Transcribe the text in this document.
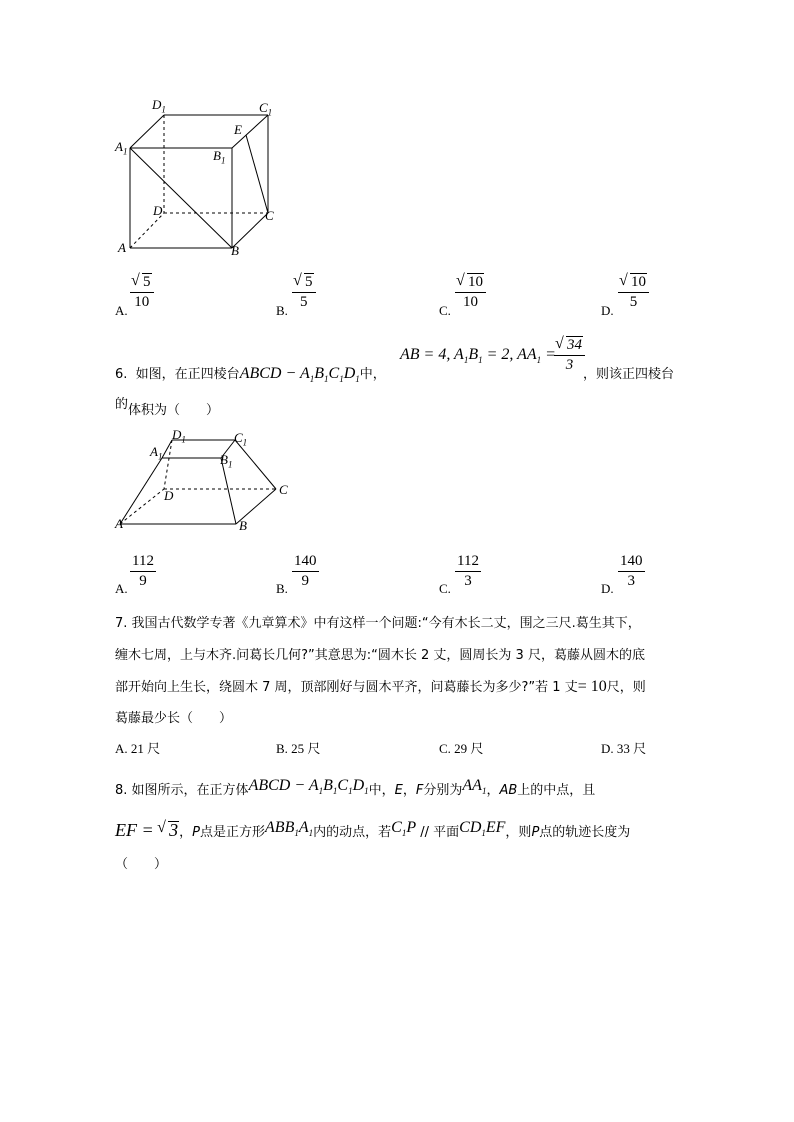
$D_1$	$C_1$
E
$A_1$	$B_1$
D	C
A	B
A. √ $\frac{5}{10}$	B. √ $\frac{5}{5}$	C. √ $\frac{10}{10}$	D. √ $\frac{10}{5}$
6. 如图，在正四棱台ABCD − $A_1B_1C_1D_1$中，
AB = 4, $A_1B_1 = 2$, $AA_1$ =
√ $\frac{34}{3}$
，则该正四棱台
的体积为（　　）
$D_1$	$C_1$
$A_1$	$B_1$
D	C
A	B
A. $\frac{112}{9}$	B. $\frac{140}{9}$	C. $\frac{112}{3}$	D. $\frac{140}{3}$
7. 我国古代数学专著《九章算术》中有这样一个问题:“今有木长二丈，围之三尺.葛生其下，
缠木七周，上与木齐.问葛长几何?”其意思为:“圆木长 2 丈，圆周长为 3 尺，葛藤从圆木的底
部开始向上生长，绕圆木 7 周，顶部刚好与圆木平齐，问葛藤长为多少?”若 1 丈= 10尺，则
葛藤最少长（　　）
A. 21 尺	B. 25 尺	C. 29 尺	D. 33 尺
8. 如图所示，在正方体ABCD − $A_1B_1C_1D_1$中，E，F分别为$AA_1$，AB上的中点，且
EF = √ 3，P点是正方形$ABB_1A_1$内的动点，若$C_1P$ // 平面$CD_1EF$，则P点的轨迹长度为
（　　）
